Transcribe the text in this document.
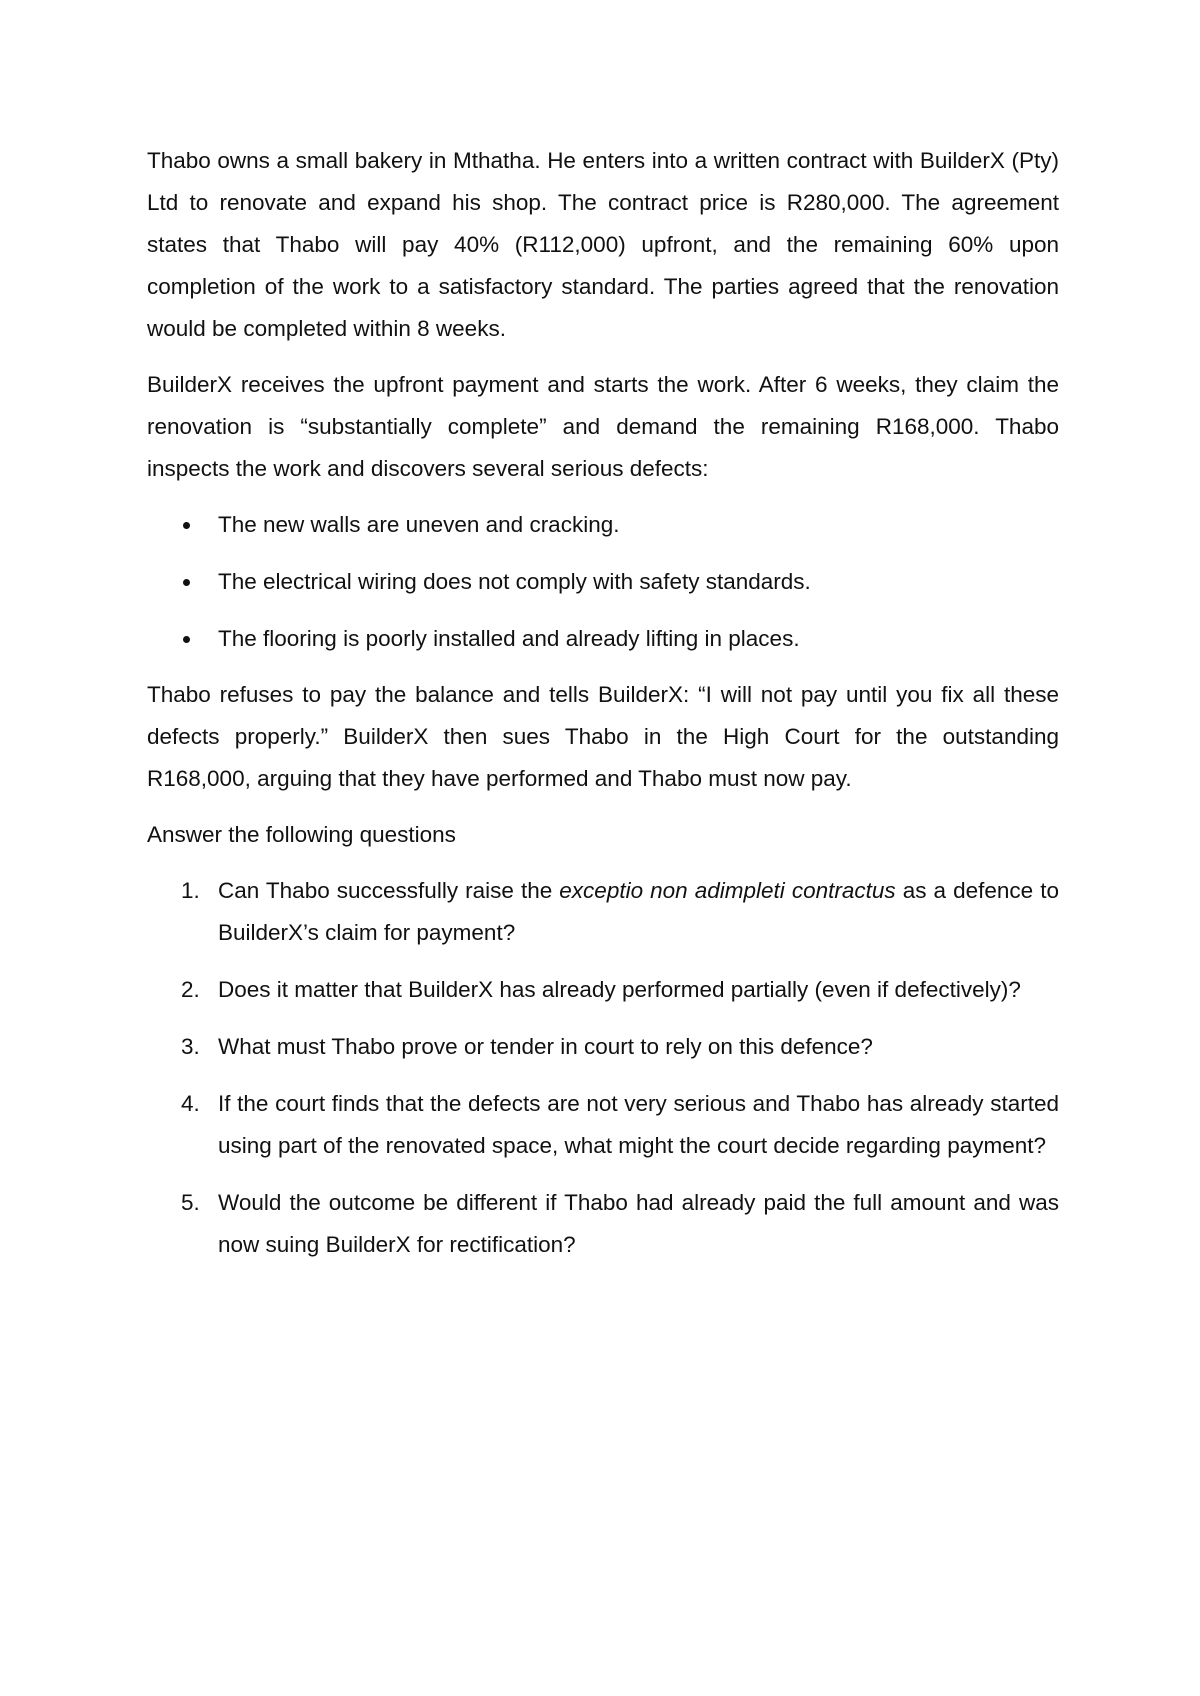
Thabo owns a small bakery in Mthatha. He enters into a written contract with BuilderX (Pty) Ltd to renovate and expand his shop. The contract price is R280,000. The agreement states that Thabo will pay 40% (R112,000) upfront, and the remaining 60% upon completion of the work to a satisfactory standard. The parties agreed that the renovation would be completed within 8 weeks.

BuilderX receives the upfront payment and starts the work. After 6 weeks, they claim the renovation is “substantially complete” and demand the remaining R168,000. Thabo inspects the work and discovers several serious defects:

The new walls are uneven and cracking.
The electrical wiring does not comply with safety standards.
The flooring is poorly installed and already lifting in places.

Thabo refuses to pay the balance and tells BuilderX: “I will not pay until you fix all these defects properly.” BuilderX then sues Thabo in the High Court for the outstanding R168,000, arguing that they have performed and Thabo must now pay.

Answer the following questions

1. Can Thabo successfully raise the exceptio non adimpleti contractus as a defence to BuilderX’s claim for payment?
2. Does it matter that BuilderX has already performed partially (even if defectively)?
3. What must Thabo prove or tender in court to rely on this defence?
4. If the court finds that the defects are not very serious and Thabo has already started using part of the renovated space, what might the court decide regarding payment?
5. Would the outcome be different if Thabo had already paid the full amount and was now suing BuilderX for rectification?
